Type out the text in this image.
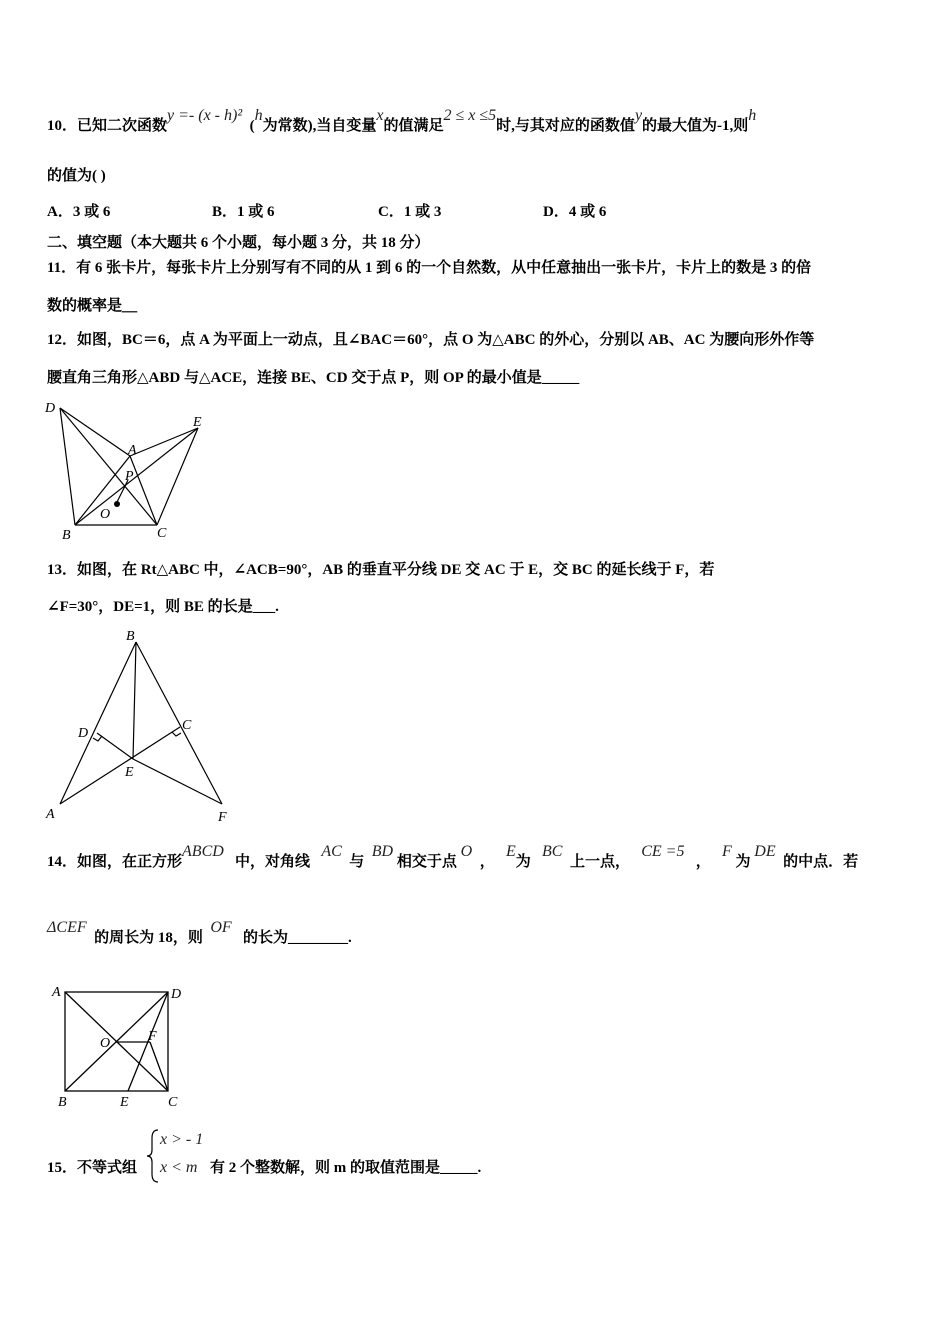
10．已知二次函数y =- (x - h)²  (h为常数),当自变量x的值满足2 ≤ x ≤5时,与其对应的函数值y的最大值为-1,则h
的值为( )
A．3 或 6	B．1 或 6	C．1 或 3	D．4 或 6
二、填空题（本大题共 6 个小题，每小题 3 分，共 18 分）
11．有 6 张卡片，每张卡片上分别写有不同的从 1 到 6 的一个自然数，从中任意抽出一张卡片，卡片上的数是 3 的倍
数的概率是＿
12．如图，BC＝6，点 A 为平面上一动点，且∠BAC＝60°，点 O 为△ABC 的外心，分别以 AB、AC 为腰向形外作等
腰直角三角形△ABD 与△ACE，连接 BE、CD 交于点 P，则 OP 的最小值是_____
D
E
A
P
O
B	C
13．如图，在 Rt△ABC 中，∠ACB=90°，AB 的垂直平分线 DE 交 AC 于 E，交 BC 的延长线于 F，若
∠F=30°，DE=1，则 BE 的长是___.
B
D
C
E
A	F
14．如图，在正方形ABCD   中，对角线   AC  与  BD 相交于点 O  ，   E为   BC  上一点，   CE =5   ，   F 为 DE  的中点．若
ΔCEF  的周长为 18，则  OF   的长为________.
A	D
O	F
B	E	C
15．不等式组
x > - 1
x < m 有 2 个整数解，则 m 的取值范围是_____.
